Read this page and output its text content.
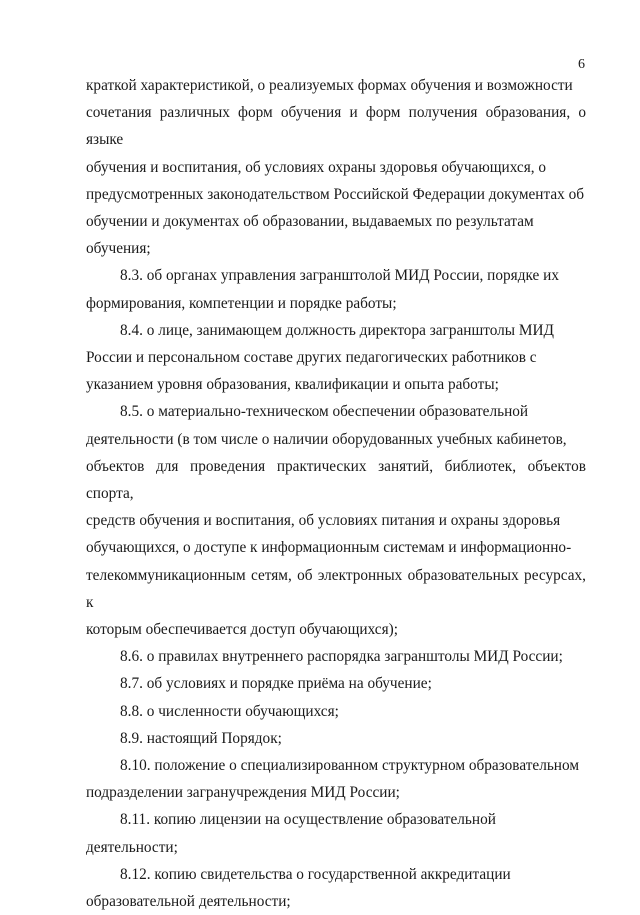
6

краткой характеристикой, о реализуемых формах обучения и возможности
сочетания различных форм обучения и форм получения образования, о языке
обучения и воспитания, об условиях охраны здоровья обучающихся, о
предусмотренных законодательством Российской Федерации документах об
обучении и документах об образовании, выдаваемых по результатам
обучения;

8.3. об органах управления загранштолой МИД России, порядке их
формирования, компетенции и порядке работы;

8.4. о лице, занимающем должность директора загранштолы МИД
России и персональном составе других педагогических работников с
указанием уровня образования, квалификации и опыта работы;

8.5. о материально-техническом обеспечении образовательной
деятельности (в том числе о наличии оборудованных учебных кабинетов,
объектов для проведения практических занятий, библиотек, объектов спорта,
средств обучения и воспитания, об условиях питания и охраны здоровья
обучающихся, о доступе к информационным системам и информационно-
телекоммуникационным сетям, об электронных образовательных ресурсах, к
которым обеспечивается доступ обучающихся);

8.6. о правилах внутреннего распорядка загранштолы МИД России;

8.7. об условиях и порядке приёма на обучение;

8.8. о численности обучающихся;

8.9. настоящий Порядок;

8.10. положение о специализированном структурном образовательном
подразделении загранучреждения МИД России;

8.11. копию лицензии на осуществление образовательной
деятельности;

8.12. копию свидетельства о государственной аккредитации
образовательной деятельности;
